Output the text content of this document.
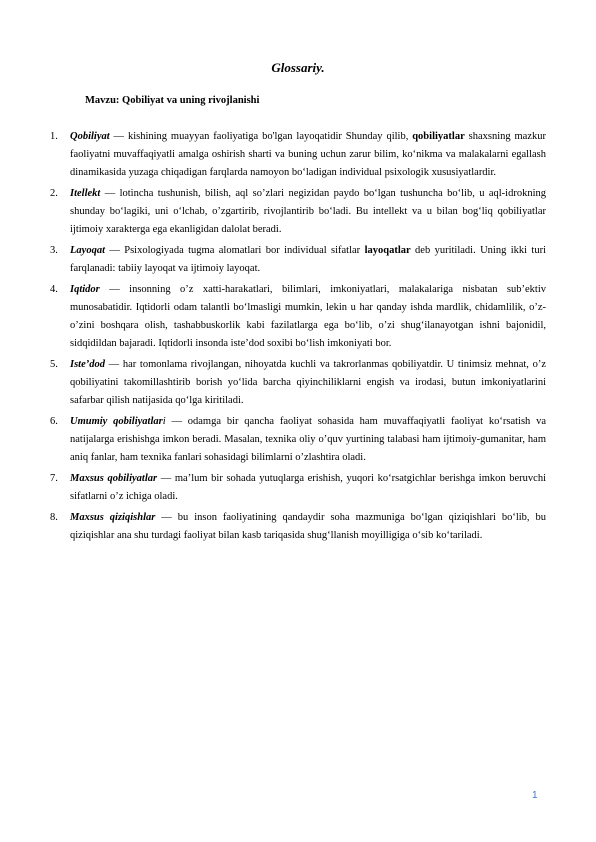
Glossariy.
Mavzu: Qobiliyat va uning rivojlanishi
1. Qobiliyat — kishining muayyan faoliyatiga bo'lgan layoqatidir Shunday qilib, qobiliyatlar shaxsning mazkur faoliyatni muvaffaqiyatli amalga oshirish sharti va buning uchun zarur bilim, ko‘nikma va malakalarni egallash dinamikasida yuzaga chiqadigan farqlarda namoyon bo‘ladigan individual psixologik xususiyatlardir.
2. Itellekt — lotincha tushunish, bilish, aql so’zlari negizidan paydo bo‘lgan tushuncha bo‘lib, u aql-idrokning shunday bo‘lagiki, uni o‘lchab, o’zgartirib, rivojlantirib bo‘ladi. Bu intellekt va u bilan bog‘liq qobiliyatlar ijtimoiy xarakterga ega ekanligidan dalolat beradi.
3. Layoqat — Psixologiyada tugma alomatlari bor individual sifatlar layoqatlar deb yuritiladi. Uning ikki turi farqlanadi: tabiiy layoqat va ijtimoiy layoqat.
4. Iqtidor — insonning o’z xatti-harakatlari, bilimlari, imkoniyatlari, malakalariga nisbatan sub’ektiv munosabatidir. Iqtidorli odam talantli bo‘lmasligi mumkin, lekin u har qanday ishda mardlik, chidamlilik, o’z-o’zini boshqara olish, tashabbuskorlik kabi fazilatlarga ega bo‘lib, o’zi shug‘ilanayotgan ishni bajonidil, sidqidildan bajaradi. Iqtidorli insonda iste’dod soxibi bo‘lish imkoniyati bor.
5. Iste’dod — har tomonlama rivojlangan, nihoyatda kuchli va takrorlanmas qobiliyatdir. U tinimsiz mehnat, o’z qobiliyatini takomillashtirib borish yo‘lida barcha qiyinchiliklarni engish va irodasi, butun imkoniyatlarini safarbar qilish natijasida qo‘lga kiritiladi.
6. Umumiy qobiliyatlari — odamga bir qancha faoliyat sohasida ham muvaffaqiyatli faoliyat ko‘rsatish va natijalarga erishishga imkon beradi. Masalan, texnika oliy o’quv yurtining talabasi ham ijtimoiy-gumanitar, ham aniq fanlar, ham texnika fanlari sohasidagi bilimlarni o’zlashtira oladi.
7. Maxsus qobiliyatlar — ma’lum bir sohada yutuqlarga erishish, yuqori ko‘rsatgichlar berishga imkon beruvchi sifatlarni o’z ichiga oladi.
8. Maxsus qiziqishlar — bu inson faoliyatining qandaydir soha mazmuniga bo‘lgan qiziqishlari bo‘lib, bu qiziqishlar ana shu turdagi faoliyat bilan kasb tariqasida shug‘llanish moyilligiga o‘sib ko‘tariladi.
1
